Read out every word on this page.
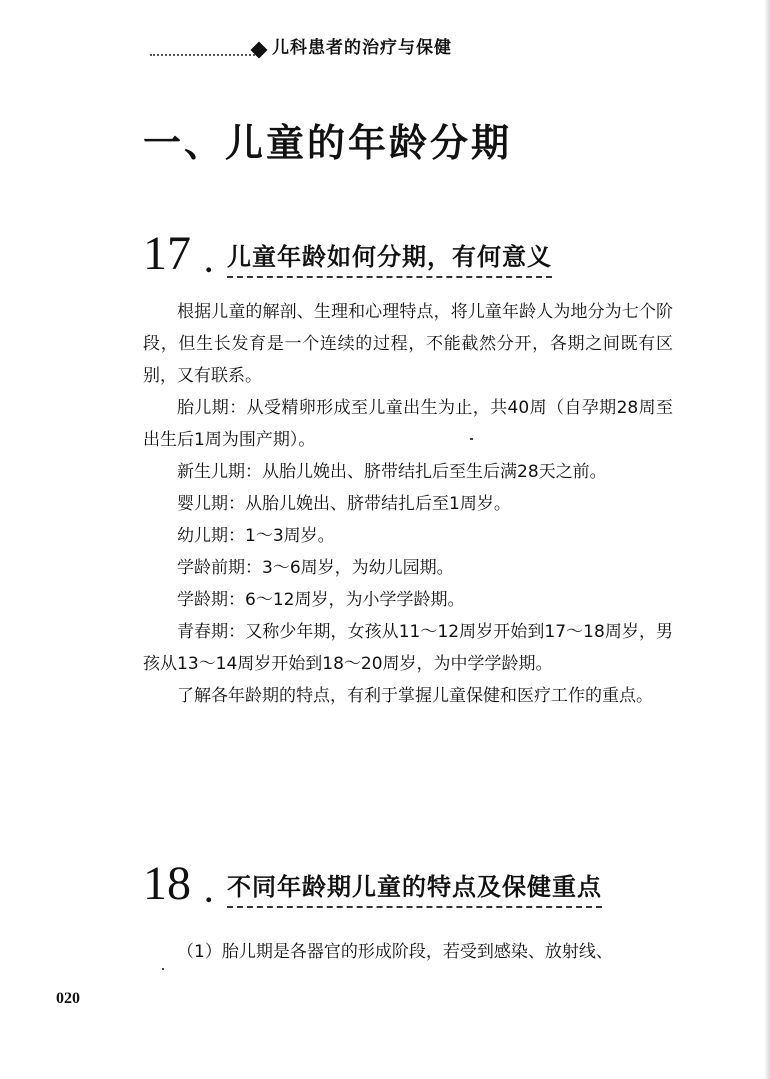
儿科患者的治疗与保健
一、儿童的年龄分期
17 . 儿童年龄如何分期，有何意义

根据儿童的解剖、生理和心理特点，将儿童年龄人为地分为七个阶段，但生长发育是一个连续的过程，不能截然分开，各期之间既有区别，又有联系。

胎儿期：从受精卵形成至儿童出生为止，共40周（自孕期28周至出生后1周为围产期）。

新生儿期：从胎儿娩出、脐带结扎后至生后满28天之前。

婴儿期：从胎儿娩出、脐带结扎后至1周岁。

幼儿期：1～3周岁。

学龄前期：3～6周岁，为幼儿园期。

学龄期：6～12周岁，为小学学龄期。

青春期：又称少年期，女孩从11～12周岁开始到17～18周岁，男孩从13～14周岁开始到18～20周岁，为中学学龄期。

了解各年龄期的特点，有利于掌握儿童保健和医疗工作的重点。

18 . 不同年龄期儿童的特点及保健重点

（1）胎儿期是各器官的形成阶段，若受到感染、放射线、

020
